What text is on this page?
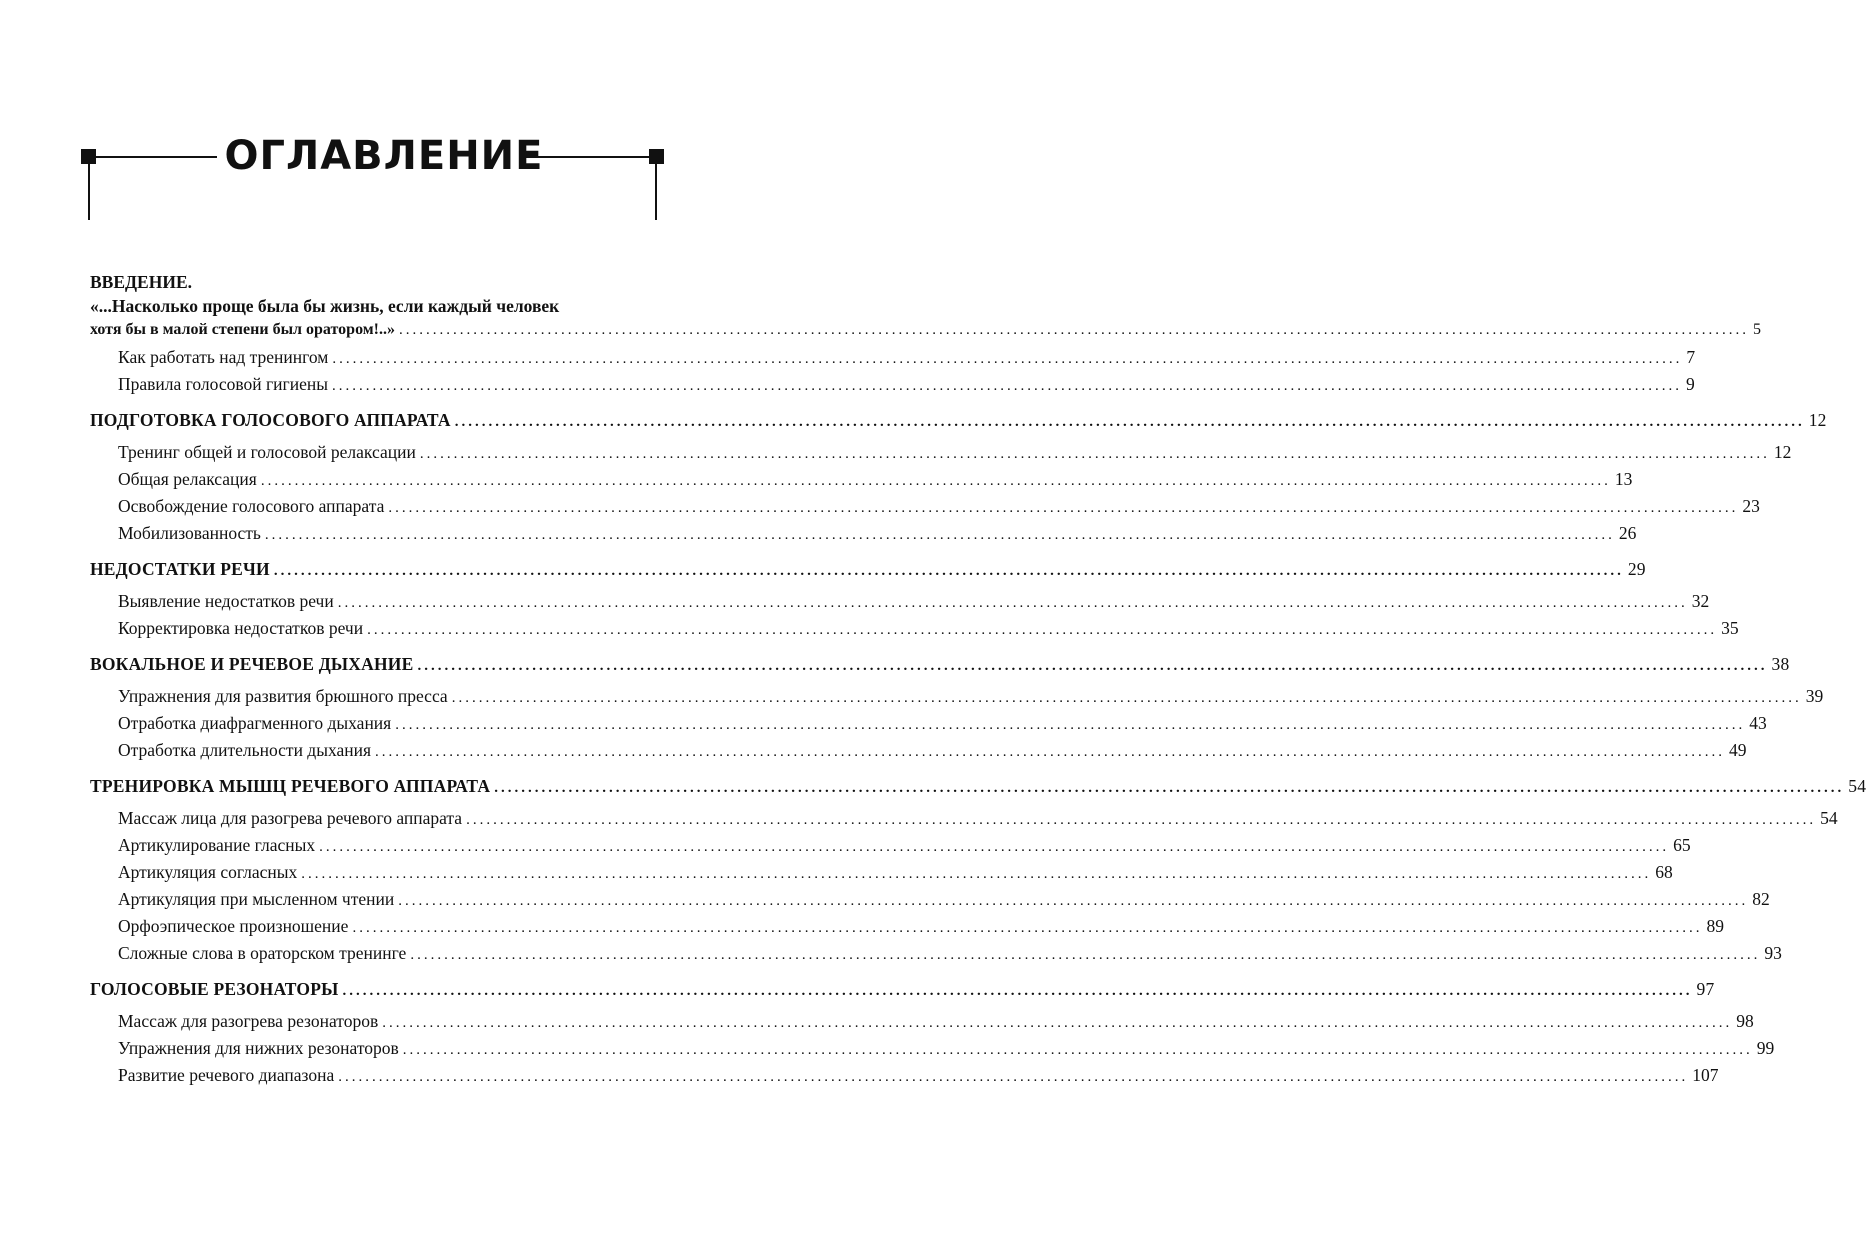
ОГЛАВЛЕНИЕ

ВВЕДЕНИЕ.

«...Насколько проще была бы жизнь, если каждый человек

хотя бы в малой степени был оратором!..» ........................................................................................................................................................................................................ 5
Как работать над тренингом ........................................................................................................................................................................................................ 7
Правила голосовой гигиены ........................................................................................................................................................................................................ 9
ПОДГОТОВКА ГОЛОСОВОГО АППАРАТА ........................................................................................................................................................................................................ 12
Тренинг общей и голосовой релаксации ........................................................................................................................................................................................................ 12
Общая релаксация ........................................................................................................................................................................................................ 13
Освобождение голосового аппарата ........................................................................................................................................................................................................ 23
Мобилизованность ........................................................................................................................................................................................................ 26
НЕДОСТАТКИ РЕЧИ ........................................................................................................................................................................................................ 29
Выявление недостатков речи ........................................................................................................................................................................................................ 32
Корректировка недостатков речи ........................................................................................................................................................................................................ 35
ВОКАЛЬНОЕ И РЕЧЕВОЕ ДЫХАНИЕ ........................................................................................................................................................................................................ 38
Упражнения для развития брюшного пресса ........................................................................................................................................................................................................ 39
Отработка диафрагменного дыхания ........................................................................................................................................................................................................ 43
Отработка длительности дыхания ........................................................................................................................................................................................................ 49
ТРЕНИРОВКА МЫШЦ РЕЧЕВОГО АППАРАТА ........................................................................................................................................................................................................ 54
Массаж лица для разогрева речевого аппарата ........................................................................................................................................................................................................ 54
Артикулирование гласных ........................................................................................................................................................................................................ 65
Артикуляция согласных ........................................................................................................................................................................................................ 68
Артикуляция при мысленном чтении ........................................................................................................................................................................................................ 82
Орфоэпическое произношение ........................................................................................................................................................................................................ 89
Сложные слова в ораторском тренинге ........................................................................................................................................................................................................ 93
ГОЛОСОВЫЕ РЕЗОНАТОРЫ ........................................................................................................................................................................................................ 97
Массаж для разогрева резонаторов ........................................................................................................................................................................................................ 98
Упражнения для нижних резонаторов ........................................................................................................................................................................................................ 99
Развитие речевого диапазона ........................................................................................................................................................................................................ 107
